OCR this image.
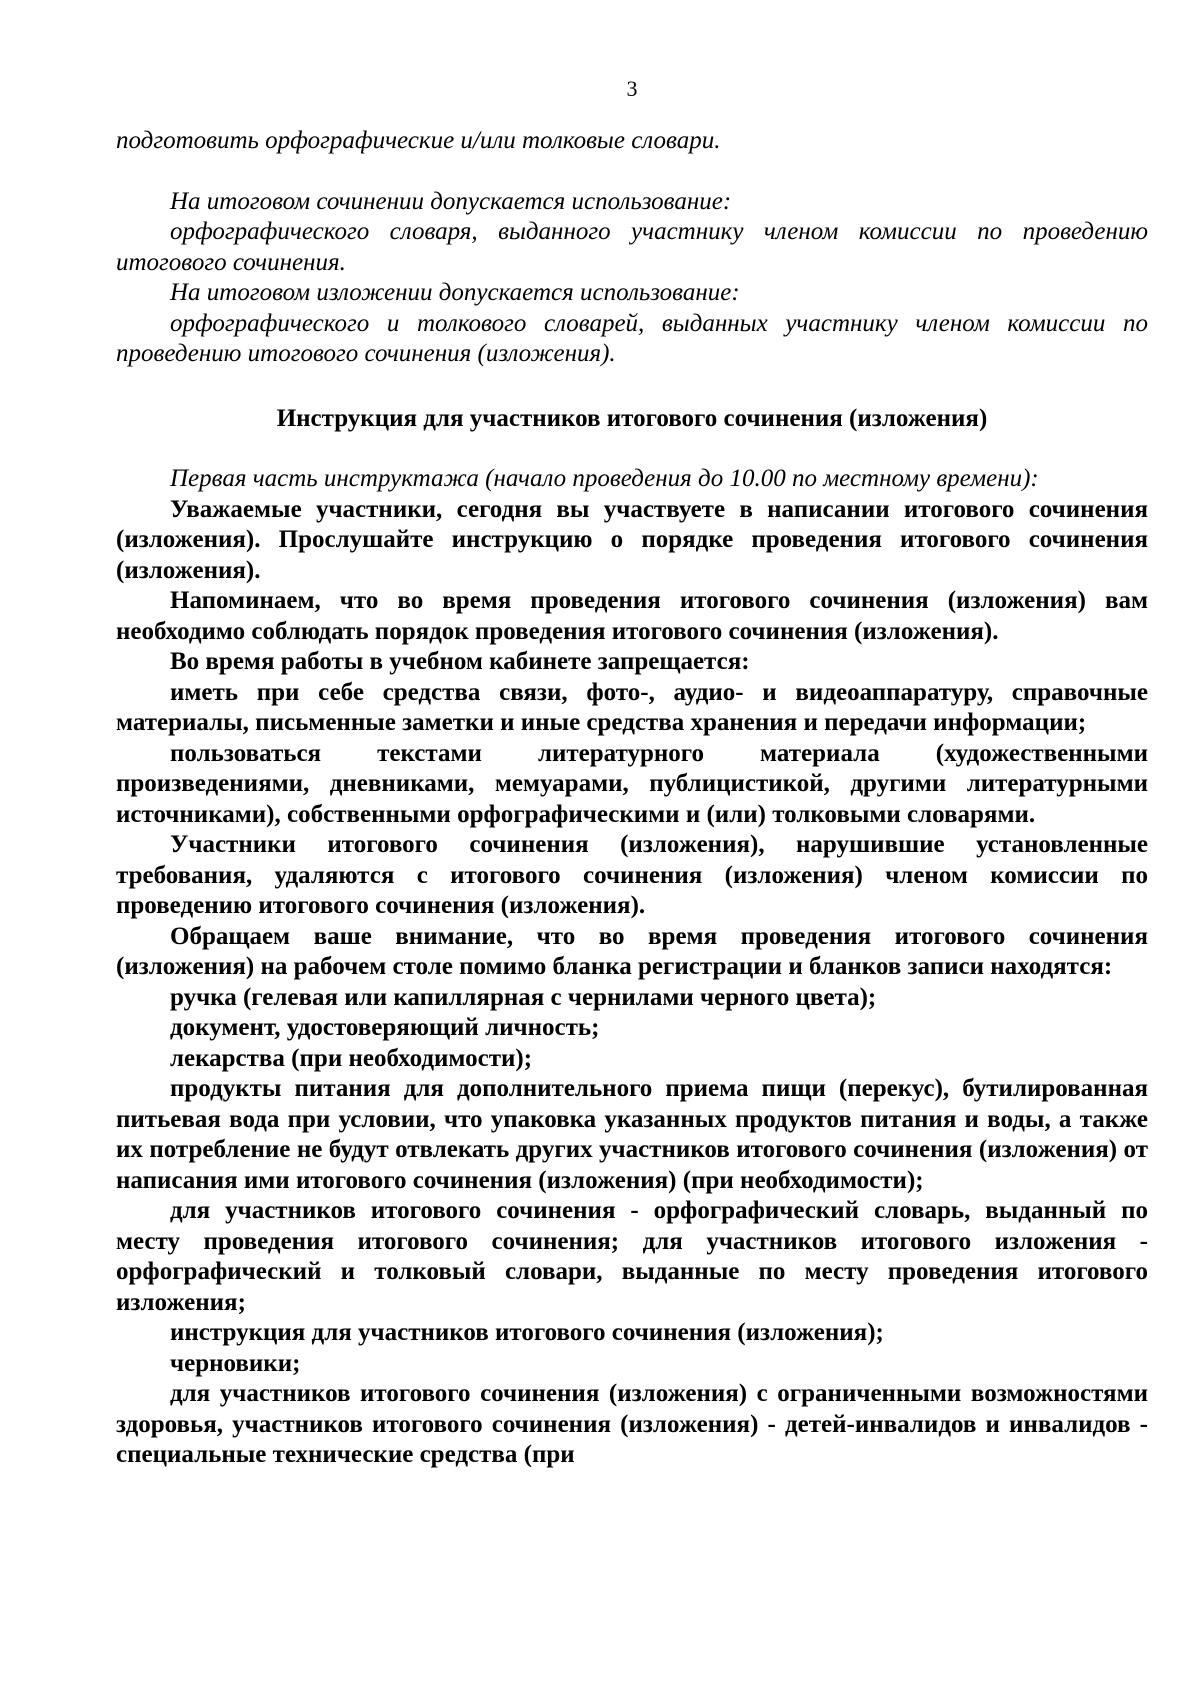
3

подготовить орфографические и/или толковые словари.

На итоговом сочинении допускается использование:

орфографического словаря, выданного участнику членом комиссии по проведению итогового сочинения.

На итоговом изложении допускается использование:

орфографического и толкового словарей, выданных участнику членом комиссии по проведению итогового сочинения (изложения).

Инструкция для участников итогового сочинения (изложения)

Первая часть инструктажа (начало проведения до 10.00 по местному времени):

Уважаемые участники, сегодня вы участвуете в написании итогового сочинения (изложения). Прослушайте инструкцию о порядке проведения итогового сочинения (изложения).

Напоминаем, что во время проведения итогового сочинения (изложения) вам необходимо соблюдать порядок проведения итогового сочинения (изложения).

Во время работы в учебном кабинете запрещается:

иметь при себе средства связи, фото-, аудио- и видеоаппаратуру, справочные материалы, письменные заметки и иные средства хранения и передачи информации;

пользоваться текстами литературного материала (художественными произведениями, дневниками, мемуарами, публицистикой, другими литературными источниками), собственными орфографическими и (или) толковыми словарями.

Участники итогового сочинения (изложения), нарушившие установленные требования, удаляются с итогового сочинения (изложения) членом комиссии по проведению итогового сочинения (изложения).

Обращаем ваше внимание, что во время проведения итогового сочинения (изложения) на рабочем столе помимо бланка регистрации и бланков записи находятся:

ручка (гелевая или капиллярная с чернилами черного цвета);

документ, удостоверяющий личность;

лекарства (при необходимости);

продукты питания для дополнительного приема пищи (перекус), бутилированная питьевая вода при условии, что упаковка указанных продуктов питания и воды, а также их потребление не будут отвлекать других участников итогового сочинения (изложения) от написания ими итогового сочинения (изложения) (при необходимости);

для участников итогового сочинения - орфографический словарь, выданный по месту проведения итогового сочинения; для участников итогового изложения - орфографический и толковый словари, выданные по месту проведения итогового изложения;

инструкция для участников итогового сочинения (изложения);

черновики;

для участников итогового сочинения (изложения) с ограниченными возможностями здоровья, участников итогового сочинения (изложения) - детей-инвалидов и инвалидов - специальные технические средства (при
